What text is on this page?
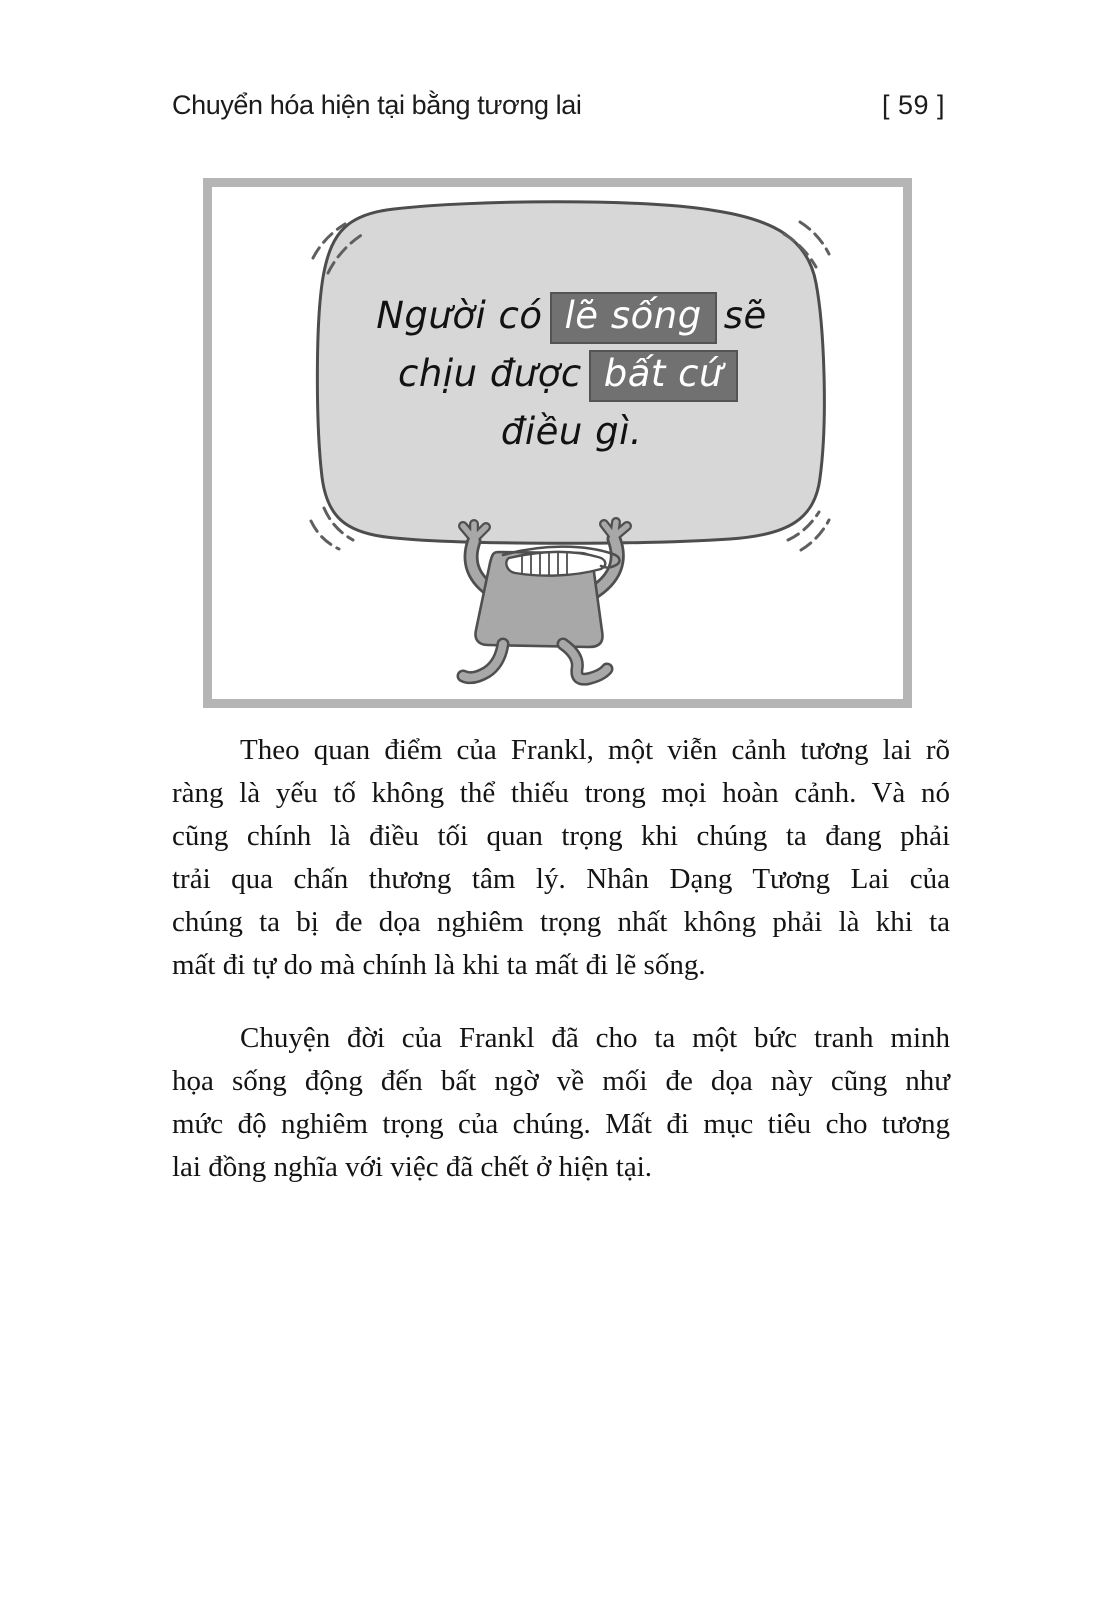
Chuyển hóa hiện tại bằng tương lai	[ 59 ]
Người có lẽ sống sẽ
chịu được bất cứ
điều gì.

Theo quan điểm của Frankl, một viễn cảnh tương lai rõ
ràng là yếu tố không thể thiếu trong mọi hoàn cảnh. Và nó
cũng chính là điều tối quan trọng khi chúng ta đang phải
trải qua chấn thương tâm lý. Nhân Dạng Tương Lai của
chúng ta bị đe dọa nghiêm trọng nhất không phải là khi ta
mất đi tự do mà chính là khi ta mất đi lẽ sống.

Chuyện đời của Frankl đã cho ta một bức tranh minh
họa sống động đến bất ngờ về mối đe dọa này cũng như
mức độ nghiêm trọng của chúng. Mất đi mục tiêu cho tương
lai đồng nghĩa với việc đã chết ở hiện tại.
